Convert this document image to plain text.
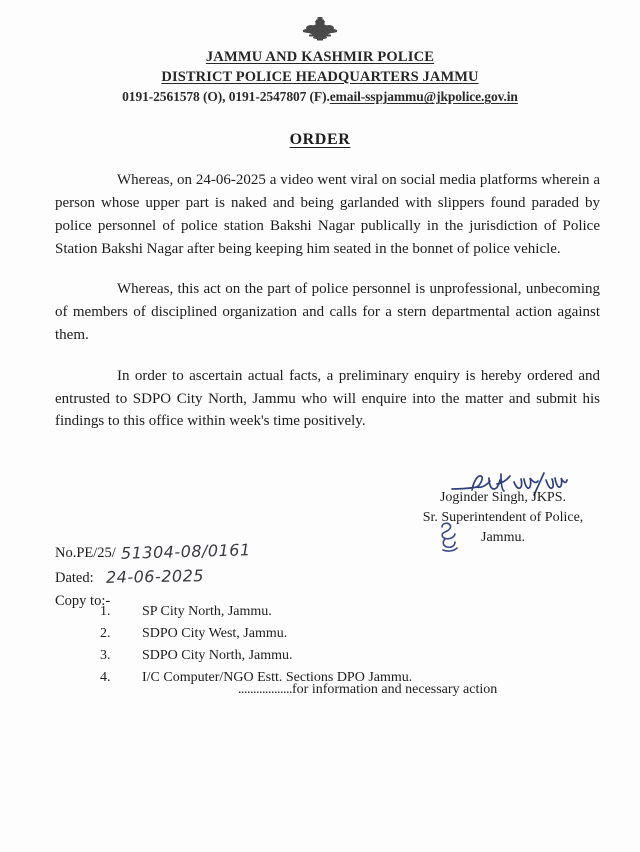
JAMMU AND KASHMIR POLICE
DISTRICT POLICE HEADQUARTERS JAMMU
0191-2561578 (O), 0191-2547807 (F).email-sspjammu@jkpolice.gov.in
ORDER

Whereas, on 24-06-2025 a video went viral on social media platforms wherein a person whose upper part is naked and being garlanded with slippers found paraded by police personnel of police station Bakshi Nagar publically in the jurisdiction of Police Station Bakshi Nagar after being keeping him seated in the bonnet of police vehicle.

Whereas, this act on the part of police personnel is unprofessional, unbecoming of members of disciplined organization and calls for a stern departmental action against them.

In order to ascertain actual facts, a preliminary enquiry is hereby ordered and entrusted to SDPO City North, Jammu who will enquire into the matter and submit his findings to this office within week's time positively.

Joginder Singh, JKPS.
Sr. Superintendent of Police,
Jammu.
No.PE/25/ 51304-08/0161
Dated: 24-06-2025
Copy to:-
1.	SP City North, Jammu.
2.	SDPO City West, Jammu.
3.	SDPO City North, Jammu.
4.	I/C Computer/NGO Estt. Sections DPO Jammu.
..................for information and necessary action
